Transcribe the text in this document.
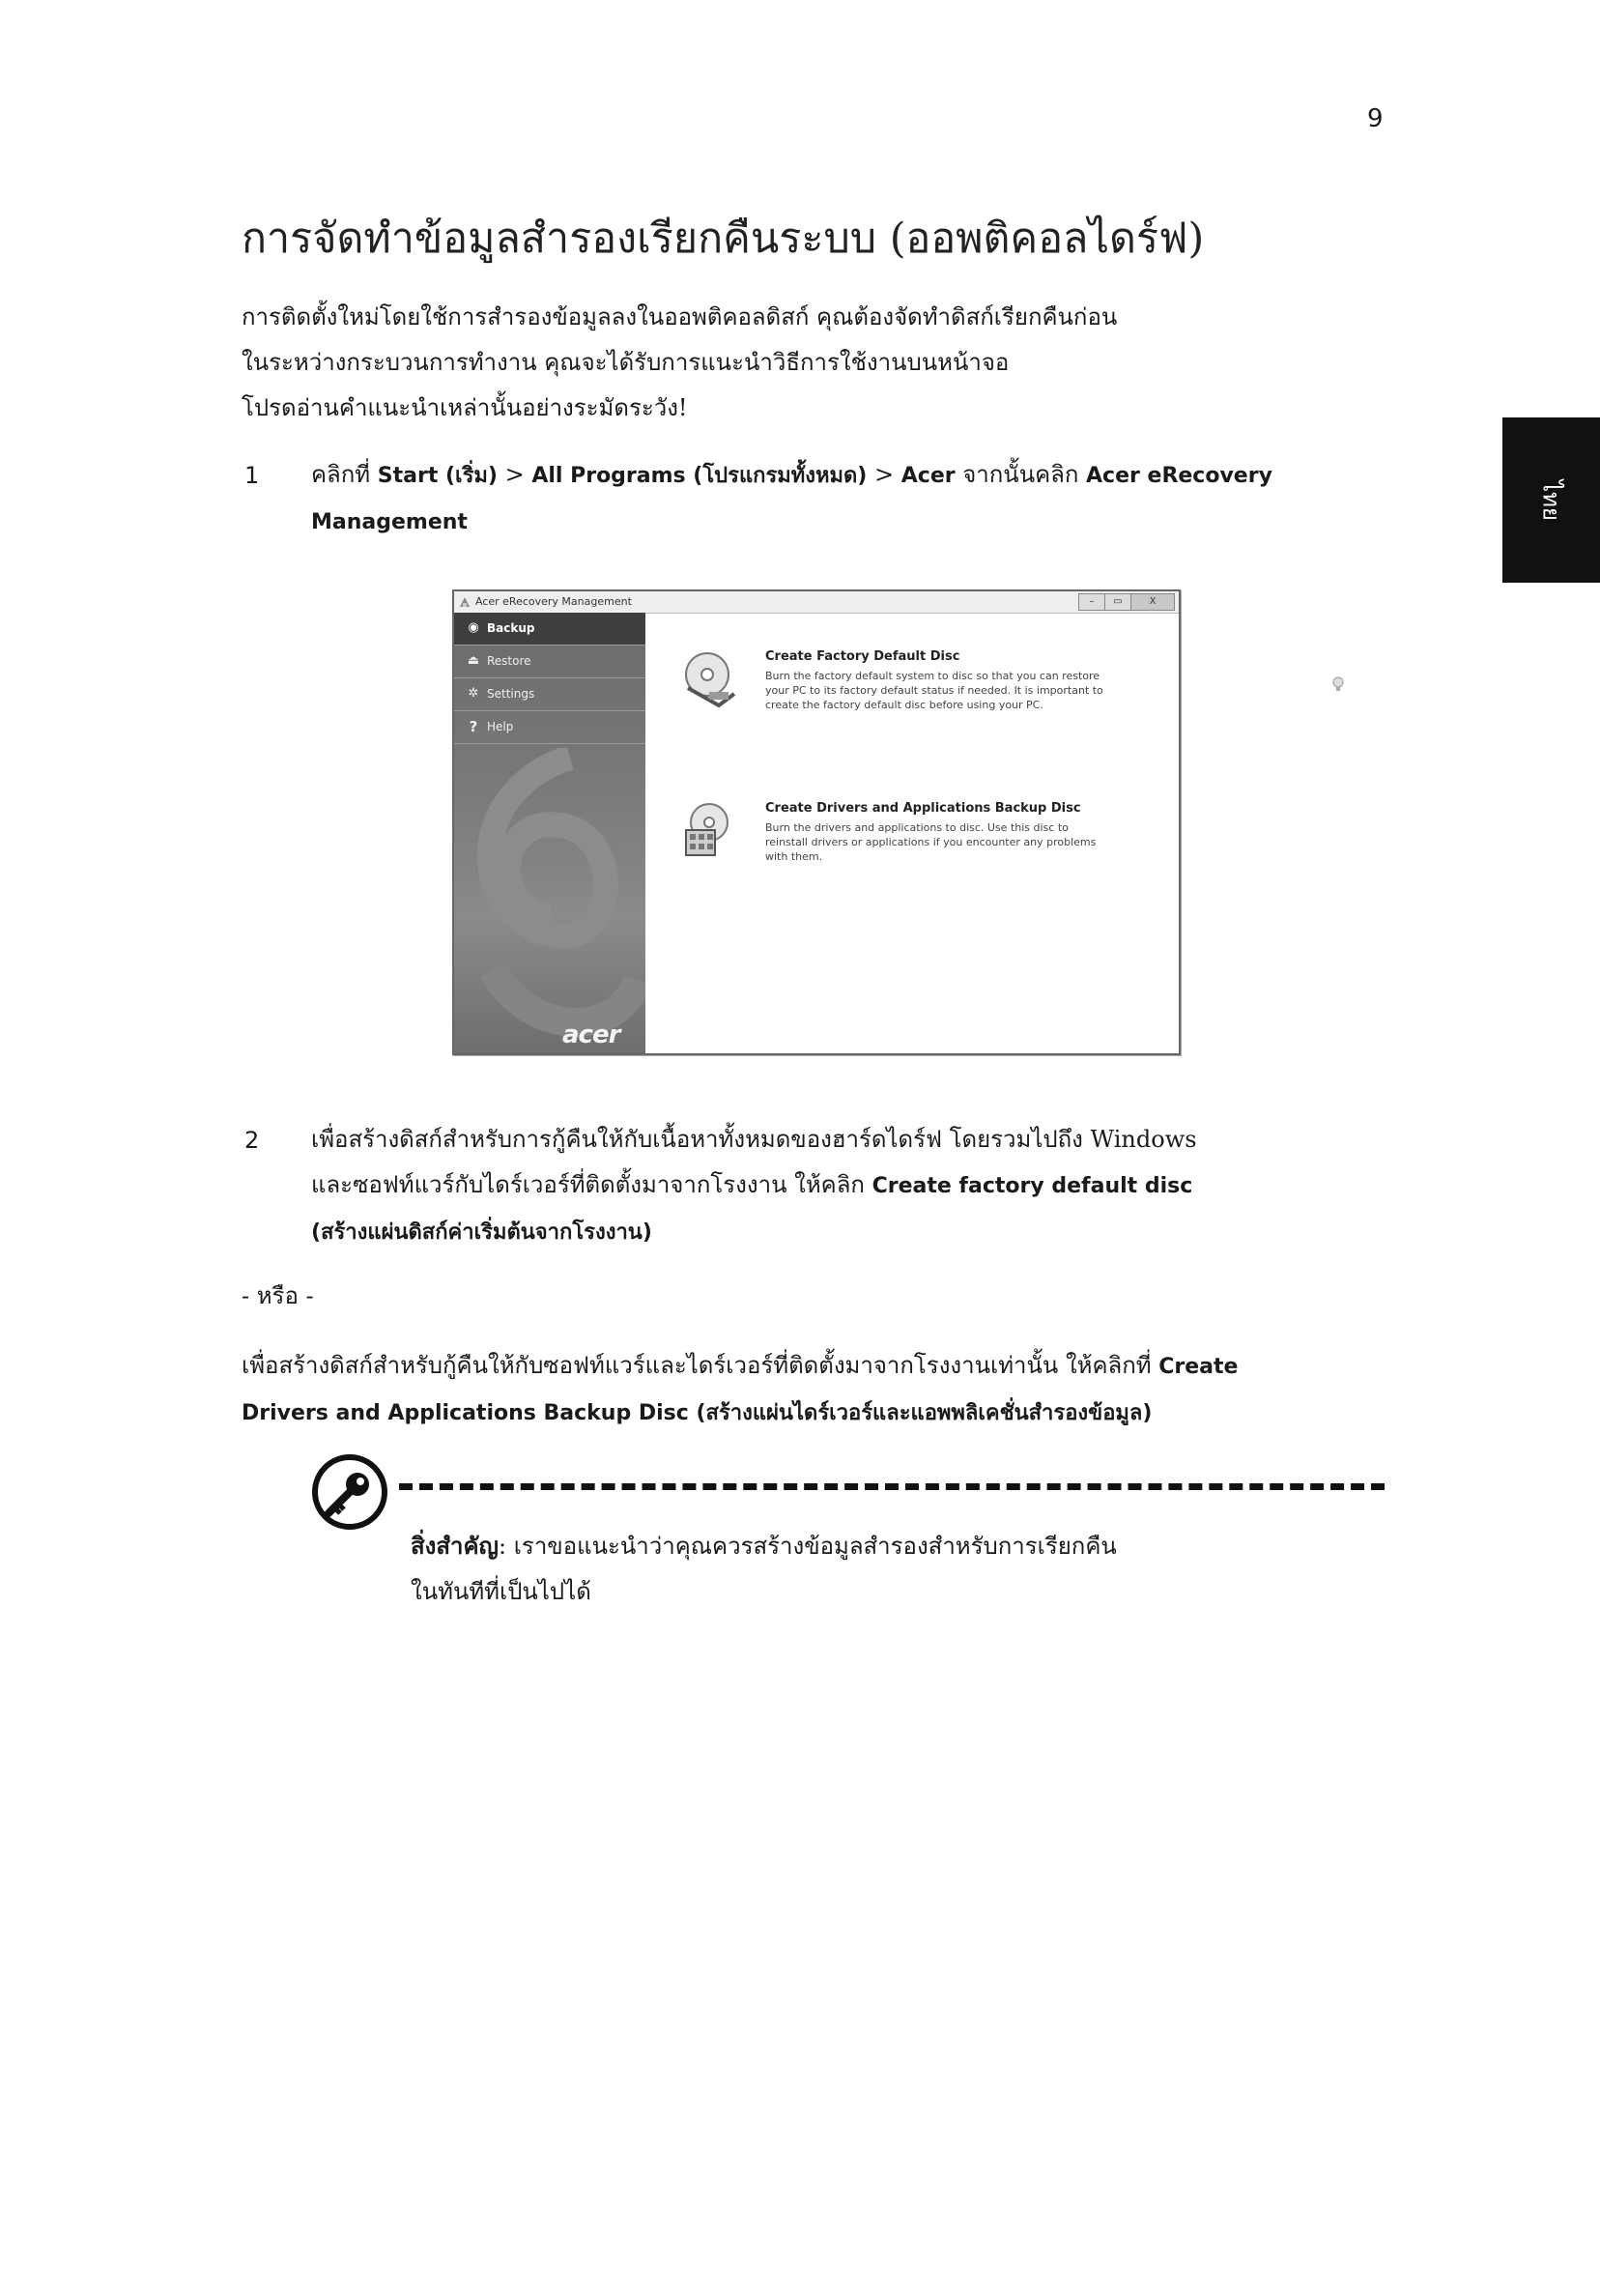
9
ไทย
การจัดทำข้อมูลสำรองเรียกคืนระบบ (ออพติคอลไดร์ฟ)
การติดตั้งใหม่โดยใช้การสำรองข้อมูลลงในออพติคอลดิสก์ คุณต้องจัดทำดิสก์เรียกคืนก่อน
ในระหว่างกระบวนการทำงาน คุณจะได้รับการแนะนำวิธีการใช้งานบนหน้าจอ
โปรดอ่านคำแนะนำเหล่านั้นอย่างระมัดระวัง!
1 คลิกที่ Start (เริ่ม) > All Programs (โปรแกรมทั้งหมด) > Acer จากนั้นคลิก Acer eRecovery
Management
Acer eRecovery Management	–	▭	X
◉ Backup
⏏ Restore
✲ Settings
? Help
acer
Create Factory Default Disc
Burn the factory default system to disc so that you can restore your PC to its factory default status if needed. It is important to create the factory default disc before using your PC.
Create Drivers and Applications Backup Disc
Burn the drivers and applications to disc. Use this disc to reinstall drivers or applications if you encounter any problems with them.
2 เพื่อสร้างดิสก์สำหรับการกู้คืนให้กับเนื้อหาทั้งหมดของฮาร์ดไดร์ฟ โดยรวมไปถึง Windows
และซอฟท์แวร์กับไดร์เวอร์ที่ติดตั้งมาจากโรงงาน ให้คลิก Create factory default disc
(สร้างแผ่นดิสก์ค่าเริ่มต้นจากโรงงาน)
- หรือ -
เพื่อสร้างดิสก์สำหรับกู้คืนให้กับซอฟท์แวร์และไดร์เวอร์ที่ติดตั้งมาจากโรงงานเท่านั้น ให้คลิกที่ Create
Drivers and Applications Backup Disc (สร้างแผ่นไดร์เวอร์และแอพพลิเคชั่นสำรองข้อมูล)
สิ่งสำคัญ: เราขอแนะนำว่าคุณควรสร้างข้อมูลสำรองสำหรับการเรียกคืน
ในทันทีที่เป็นไปได้
